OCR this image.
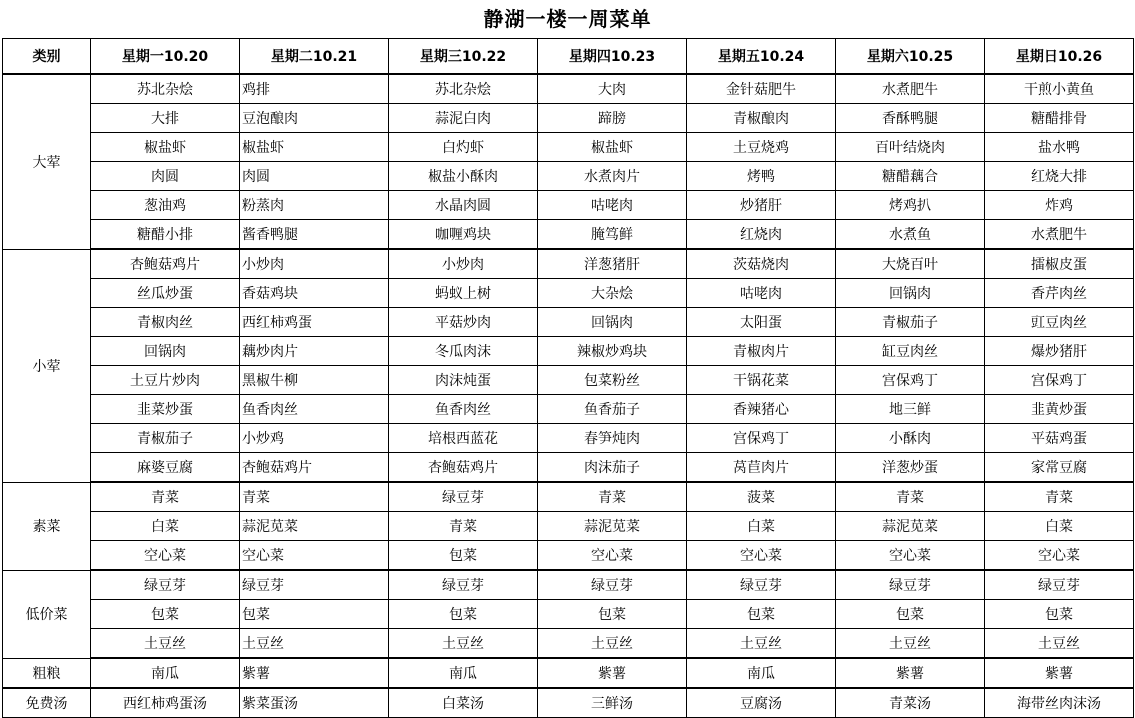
静湖一楼一周菜单
类别	星期一10.20	星期二10.21	星期三10.22	星期四10.23	星期五10.24	星期六10.25	星期日10.26
大荤	苏北杂烩	鸡排	苏北杂烩	大肉	金针菇肥牛	水煮肥牛	干煎小黄鱼
	大排	豆泡酿肉	蒜泥白肉	蹄膀	青椒酿肉	香酥鸭腿	糖醋排骨
	椒盐虾	椒盐虾	白灼虾	椒盐虾	土豆烧鸡	百叶结烧肉	盐水鸭
	肉圆	肉圆	椒盐小酥肉	水煮肉片	烤鸭	糖醋藕合	红烧大排
	葱油鸡	粉蒸肉	水晶肉圆	咕咾肉	炒猪肝	烤鸡扒	炸鸡
	糖醋小排	酱香鸭腿	咖喱鸡块	腌笃鲜	红烧肉	水煮鱼	水煮肥牛
小荤	杏鲍菇鸡片	小炒肉	小炒肉	洋葱猪肝	茨菇烧肉	大烧百叶	擂椒皮蛋
	丝瓜炒蛋	香菇鸡块	蚂蚁上树	大杂烩	咕咾肉	回锅肉	香芹肉丝
	青椒肉丝	西红柿鸡蛋	平菇炒肉	回锅肉	太阳蛋	青椒茄子	豇豆肉丝
	回锅肉	藕炒肉片	冬瓜肉沫	辣椒炒鸡块	青椒肉片	缸豆肉丝	爆炒猪肝
	土豆片炒肉	黑椒牛柳	肉沫炖蛋	包菜粉丝	干锅花菜	宫保鸡丁	宫保鸡丁
	韭菜炒蛋	鱼香肉丝	鱼香肉丝	鱼香茄子	香辣猪心	地三鲜	韭黄炒蛋
	青椒茄子	小炒鸡	培根西蓝花	春笋炖肉	宫保鸡丁	小酥肉	平菇鸡蛋
	麻婆豆腐	杏鲍菇鸡片	杏鲍菇鸡片	肉沫茄子	莴苣肉片	洋葱炒蛋	家常豆腐
素菜	青菜	青菜	绿豆芽	青菜	菠菜	青菜	青菜
	白菜	蒜泥苋菜	青菜	蒜泥苋菜	白菜	蒜泥苋菜	白菜
	空心菜	空心菜	包菜	空心菜	空心菜	空心菜	空心菜
低价菜	绿豆芽	绿豆芽	绿豆芽	绿豆芽	绿豆芽	绿豆芽	绿豆芽
	包菜	包菜	包菜	包菜	包菜	包菜	包菜
	土豆丝	土豆丝	土豆丝	土豆丝	土豆丝	土豆丝	土豆丝
粗粮	南瓜	紫薯	南瓜	紫薯	南瓜	紫薯	紫薯
免费汤	西红柿鸡蛋汤	紫菜蛋汤	白菜汤	三鲜汤	豆腐汤	青菜汤	海带丝肉沫汤
